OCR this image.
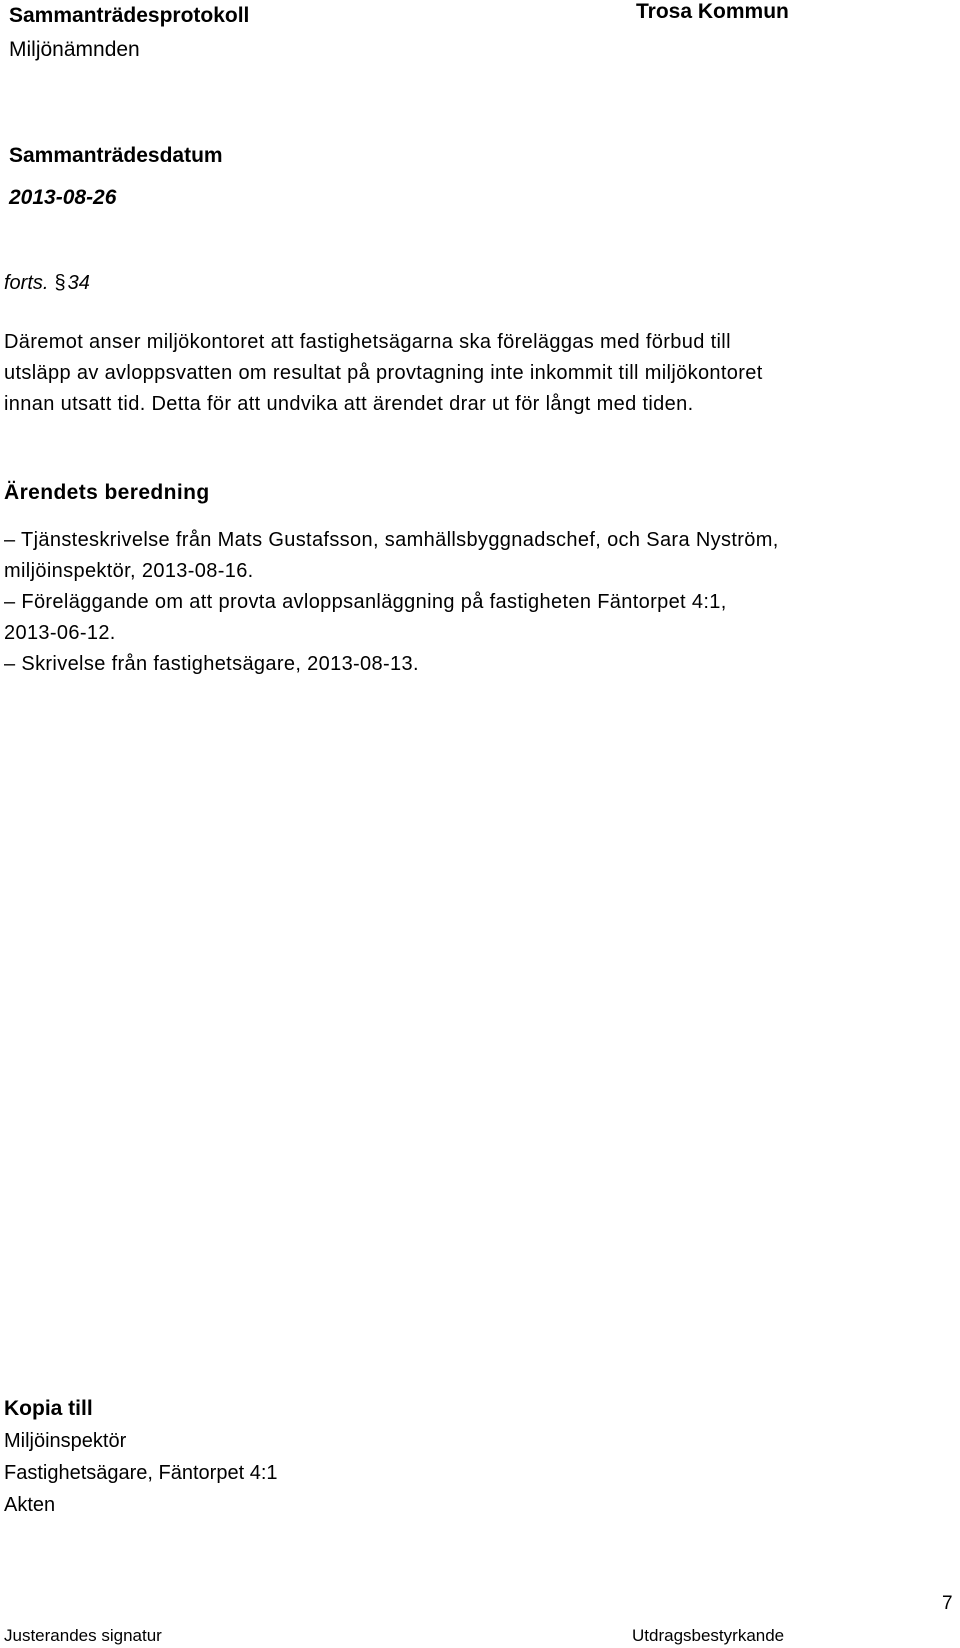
Sammanträdesprotokoll
Miljönämnden
Trosa Kommun
Sammanträdesdatum
2013-08-26
forts. § 34
Däremot anser miljökontoret att fastighetsägarna ska föreläggas med förbud till
utsläpp av avloppsvatten om resultat på provtagning inte inkommit till miljökontoret
innan utsatt tid. Detta för att undvika att ärendet drar ut för långt med tiden.
Ärendets beredning
– Tjänsteskrivelse från Mats Gustafsson, samhällsbyggnadschef, och Sara Nyström,
miljöinspektör, 2013-08-16.
– Föreläggande om att provta avloppsanläggning på fastigheten Fäntorpet 4:1,
2013-06-12.
– Skrivelse från fastighetsägare, 2013-08-13.
Kopia till
Miljöinspektör
Fastighetsägare, Fäntorpet 4:1
Akten
7
Justerandes signatur	Utdragsbestyrkande
